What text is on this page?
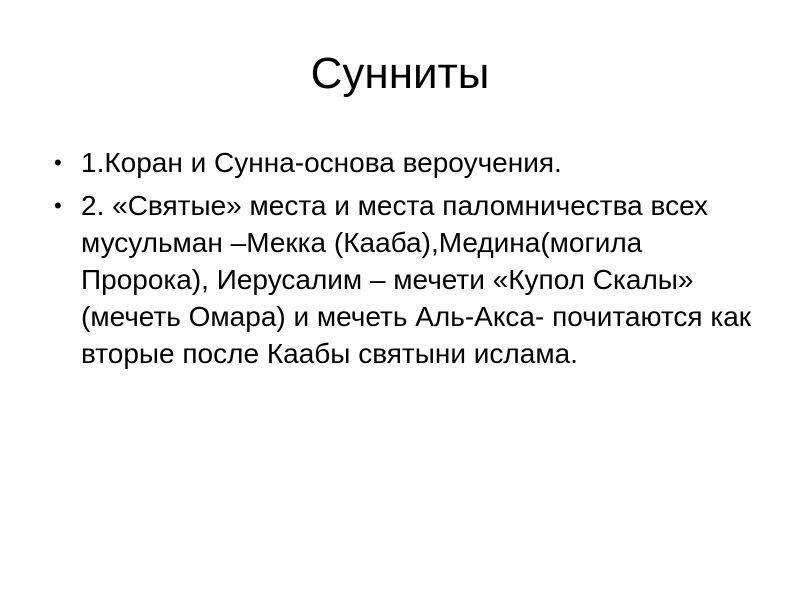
Сунниты
• 1.Коран и Сунна-основа вероучения.
• 2. «Святые» места и места паломничества всех мусульман –Мекка (Кааба),Медина(могила Пророка), Иерусалим – мечети «Купол Скалы» (мечеть Омара) и мечеть Аль-Акса- почитаются как вторые после Каабы святыни ислама.
